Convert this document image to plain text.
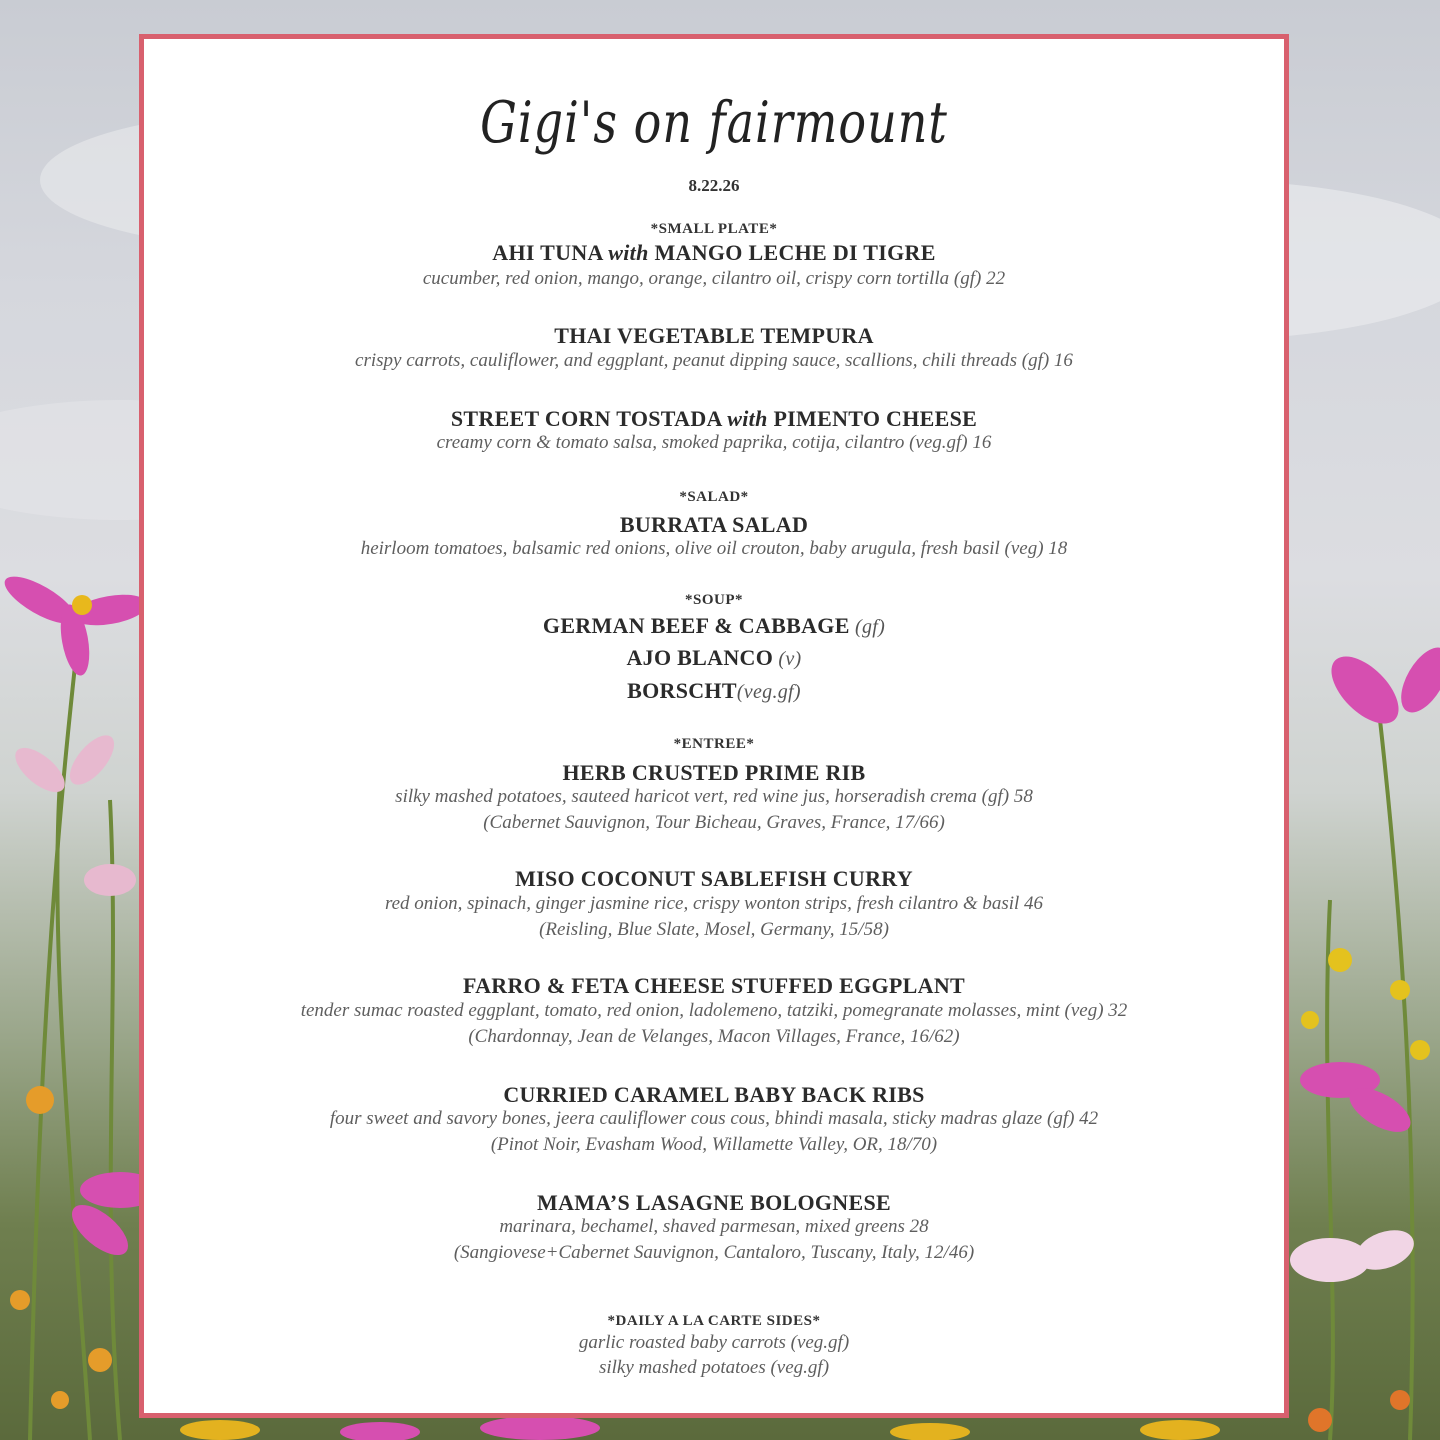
Gigi's on fairmount
8.22.26
*SMALL PLATE*
AHI TUNA with MANGO LECHE DI TIGRE
cucumber, red onion, mango, orange, cilantro oil, crispy corn tortilla (gf) 22
THAI VEGETABLE TEMPURA
crispy carrots, cauliflower, and eggplant, peanut dipping sauce, scallions, chili threads (gf) 16
STREET CORN TOSTADA with PIMENTO CHEESE
creamy corn & tomato salsa, smoked paprika, cotija, cilantro (veg.gf) 16
*SALAD*
BURRATA SALAD
heirloom tomatoes, balsamic red onions, olive oil crouton, baby arugula, fresh basil (veg) 18
*SOUP*
GERMAN BEEF & CABBAGE (gf)
AJO BLANCO (v)
BORSCHT(veg.gf)
*ENTREE*
HERB CRUSTED PRIME RIB
silky mashed potatoes, sauteed haricot vert, red wine jus, horseradish crema (gf) 58
(Cabernet Sauvignon, Tour Bicheau, Graves, France, 17/66)
MISO COCONUT SABLEFISH CURRY
red onion, spinach, ginger jasmine rice, crispy wonton strips, fresh cilantro & basil 46
(Reisling, Blue Slate, Mosel, Germany, 15/58)
FARRO & FETA CHEESE STUFFED EGGPLANT
tender sumac roasted eggplant, tomato, red onion, ladolemeno, tatziki, pomegranate molasses, mint (veg) 32
(Chardonnay, Jean de Velanges, Macon Villages, France, 16/62)
CURRIED CARAMEL BABY BACK RIBS
four sweet and savory bones, jeera cauliflower cous cous, bhindi masala, sticky madras glaze (gf) 42
(Pinot Noir, Evasham Wood, Willamette Valley, OR, 18/70)
MAMA’S LASAGNE BOLOGNESE
marinara, bechamel, shaved parmesan, mixed greens 28
(Sangiovese+Cabernet Sauvignon, Cantaloro, Tuscany, Italy, 12/46)
*DAILY A LA CARTE SIDES*
garlic roasted baby carrots (veg.gf)
silky mashed potatoes (veg.gf)
